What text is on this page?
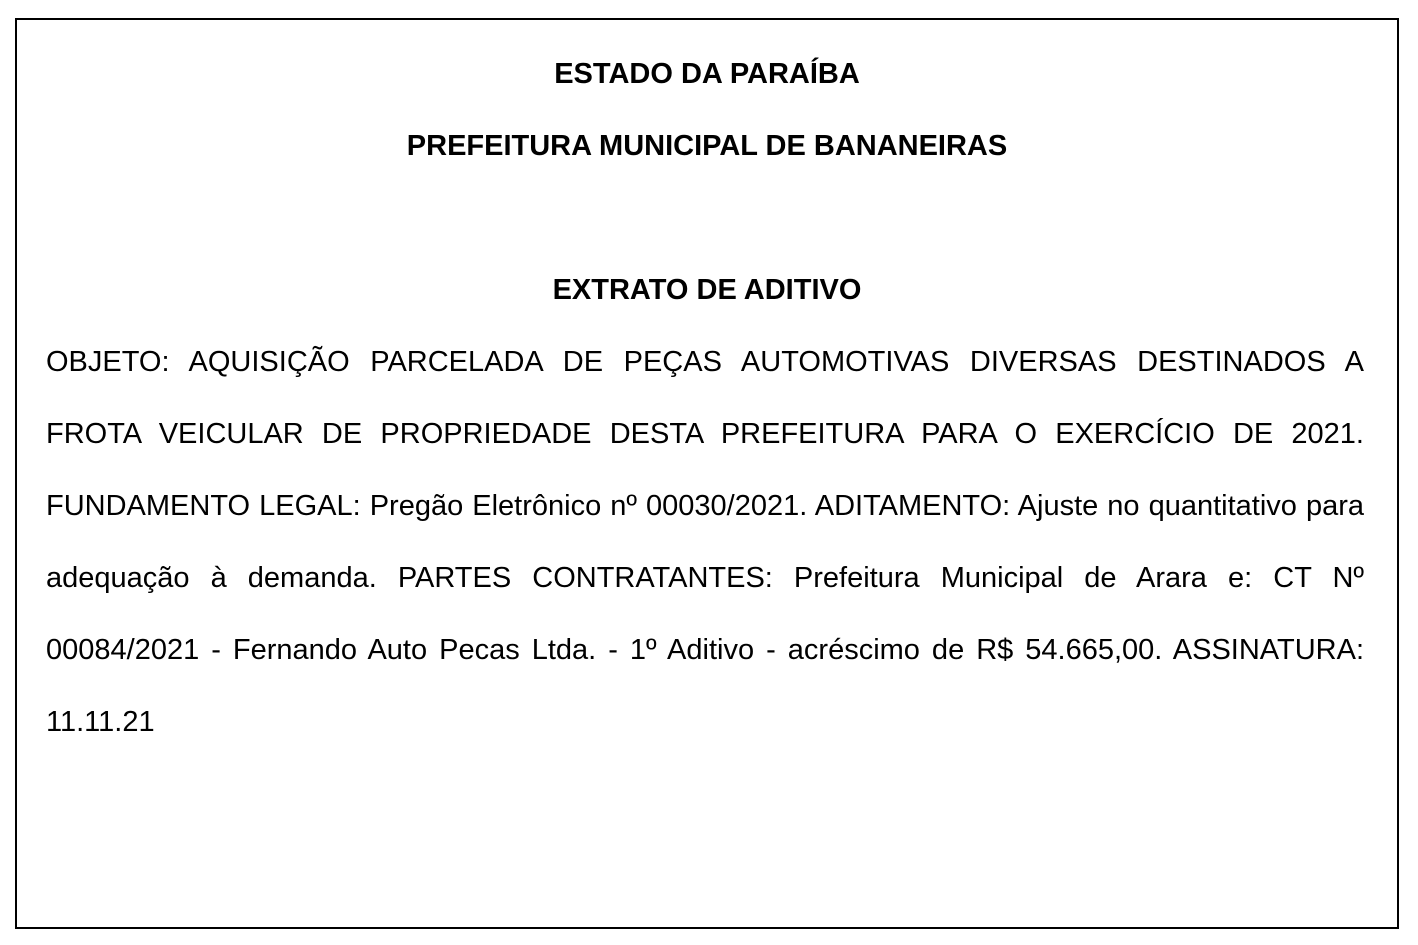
ESTADO DA PARAÍBA
PREFEITURA MUNICIPAL DE BANANEIRAS
EXTRATO DE ADITIVO

OBJETO: AQUISIÇÃO PARCELADA DE PEÇAS AUTOMOTIVAS DIVERSAS DESTINADOS A FROTA VEICULAR DE PROPRIEDADE DESTA PREFEITURA PARA O EXERCÍCIO DE 2021. FUNDAMENTO LEGAL: Pregão Eletrônico nº 00030/2021. ADITAMENTO: Ajuste no quantitativo para adequação à demanda. PARTES CONTRATANTES: Prefeitura Municipal de Arara e: CT Nº 00084/2021 - Fernando Auto Pecas Ltda. - 1º Aditivo - acréscimo de R$ 54.665,00. ASSINATURA: 11.11.21
